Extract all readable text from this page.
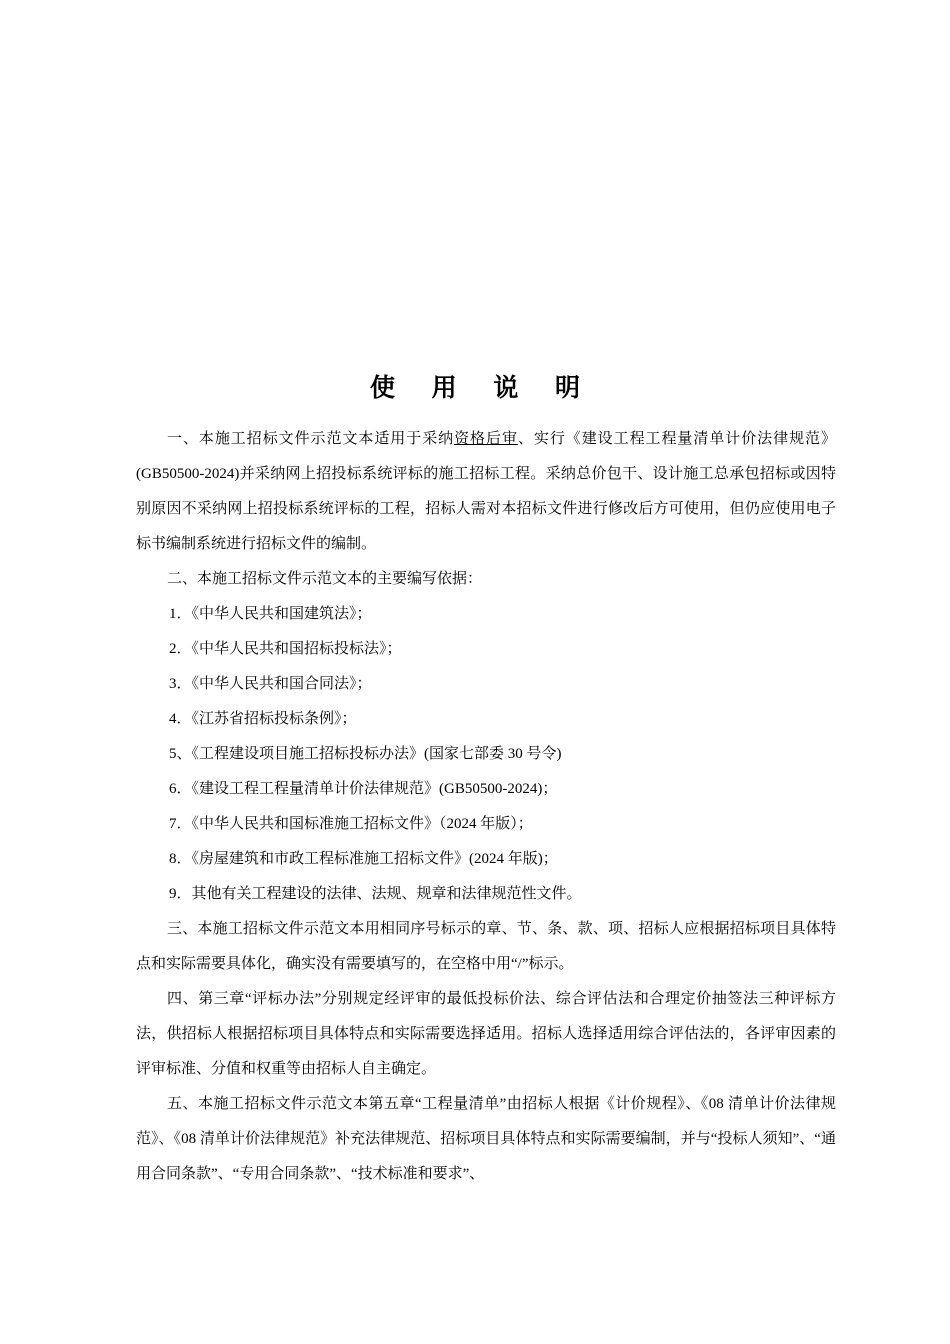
使 用 说 明

一、本施工招标文件示范文本适用于采纳资格后审、实行《建设工程工程量清单计价法律规范》(GB50500-2024)并采纳网上招投标系统评标的施工招标工程。采纳总价包干、设计施工总承包招标或因特别原因不采纳网上招投标系统评标的工程，招标人需对本招标文件进行修改后方可使用，但仍应使用电子标书编制系统进行招标文件的编制。

二、本施工招标文件示范文本的主要编写依据：

1．《中华人民共和国建筑法》；

2．《中华人民共和国招标投标法》；

3．《中华人民共和国合同法》；

4．《江苏省招标投标条例》；

5、《工程建设项目施工招标投标办法》(国家七部委 30 号令)

6．《建设工程工程量清单计价法律规范》(GB50500-2024)；

7．《中华人民共和国标准施工招标文件》（2024 年版）；

8．《房屋建筑和市政工程标准施工招标文件》(2024 年版)；

9．其他有关工程建设的法律、法规、规章和法律规范性文件。

三、本施工招标文件示范文本用相同序号标示的章、节、条、款、项、招标人应根据招标项目具体特点和实际需要具体化，确实没有需要填写的，在空格中用“/”标示。

四、第三章“评标办法”分别规定经评审的最低投标价法、综合评估法和合理定价抽签法三种评标方法，供招标人根据招标项目具体特点和实际需要选择适用。招标人选择适用综合评估法的，各评审因素的评审标准、分值和权重等由招标人自主确定。

五、本施工招标文件示范文本第五章“工程量清单”由招标人根据《计价规程》、《08 清单计价法律规范》、《08 清单计价法律规范》补充法律规范、招标项目具体特点和实际需要编制，并与“投标人须知”、“通用合同条款”、“专用合同条款”、“技术标准和要求”、
